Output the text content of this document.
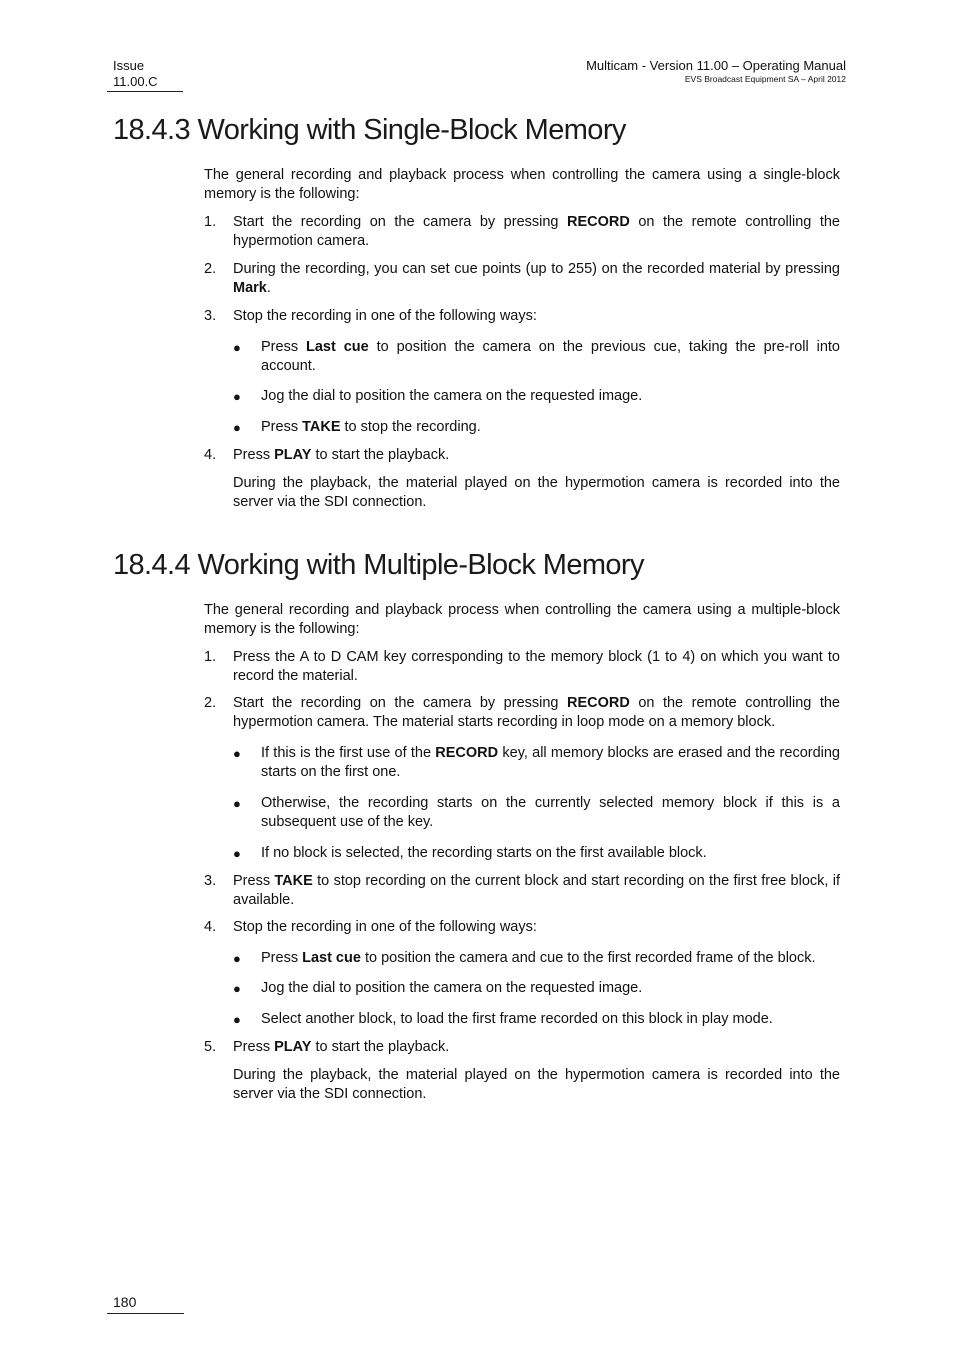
Issue
11.00.C
Multicam - Version 11.00 – Operating Manual
EVS Broadcast Equipment SA – April 2012
18.4.3 Working with Single-Block Memory

The general recording and playback process when controlling the camera using a single-block memory is the following:

1. Start the recording on the camera by pressing RECORD on the remote controlling the hypermotion camera.
2. During the recording, you can set cue points (up to 255) on the recorded material by pressing Mark.
3. Stop the recording in one of the following ways:
● Press Last cue to position the camera on the previous cue, taking the pre-roll into account.
● Jog the dial to position the camera on the requested image.
● Press TAKE to stop the recording.
4. Press PLAY to start the playback.
During the playback, the material played on the hypermotion camera is recorded into the server via the SDI connection.
18.4.4 Working with Multiple-Block Memory

The general recording and playback process when controlling the camera using a multiple-block memory is the following:

1. Press the A to D CAM key corresponding to the memory block (1 to 4) on which you want to record the material.
2. Start the recording on the camera by pressing RECORD on the remote controlling the hypermotion camera. The material starts recording in loop mode on a memory block.
● If this is the first use of the RECORD key, all memory blocks are erased and the recording starts on the first one.
● Otherwise, the recording starts on the currently selected memory block if this is a subsequent use of the key.
● If no block is selected, the recording starts on the first available block.
3. Press TAKE to stop recording on the current block and start recording on the first free block, if available.
4. Stop the recording in one of the following ways:
● Press Last cue to position the camera and cue to the first recorded frame of the block.
● Jog the dial to position the camera on the requested image.
● Select another block, to load the first frame recorded on this block in play mode.
5. Press PLAY to start the playback.
During the playback, the material played on the hypermotion camera is recorded into the server via the SDI connection.
180
